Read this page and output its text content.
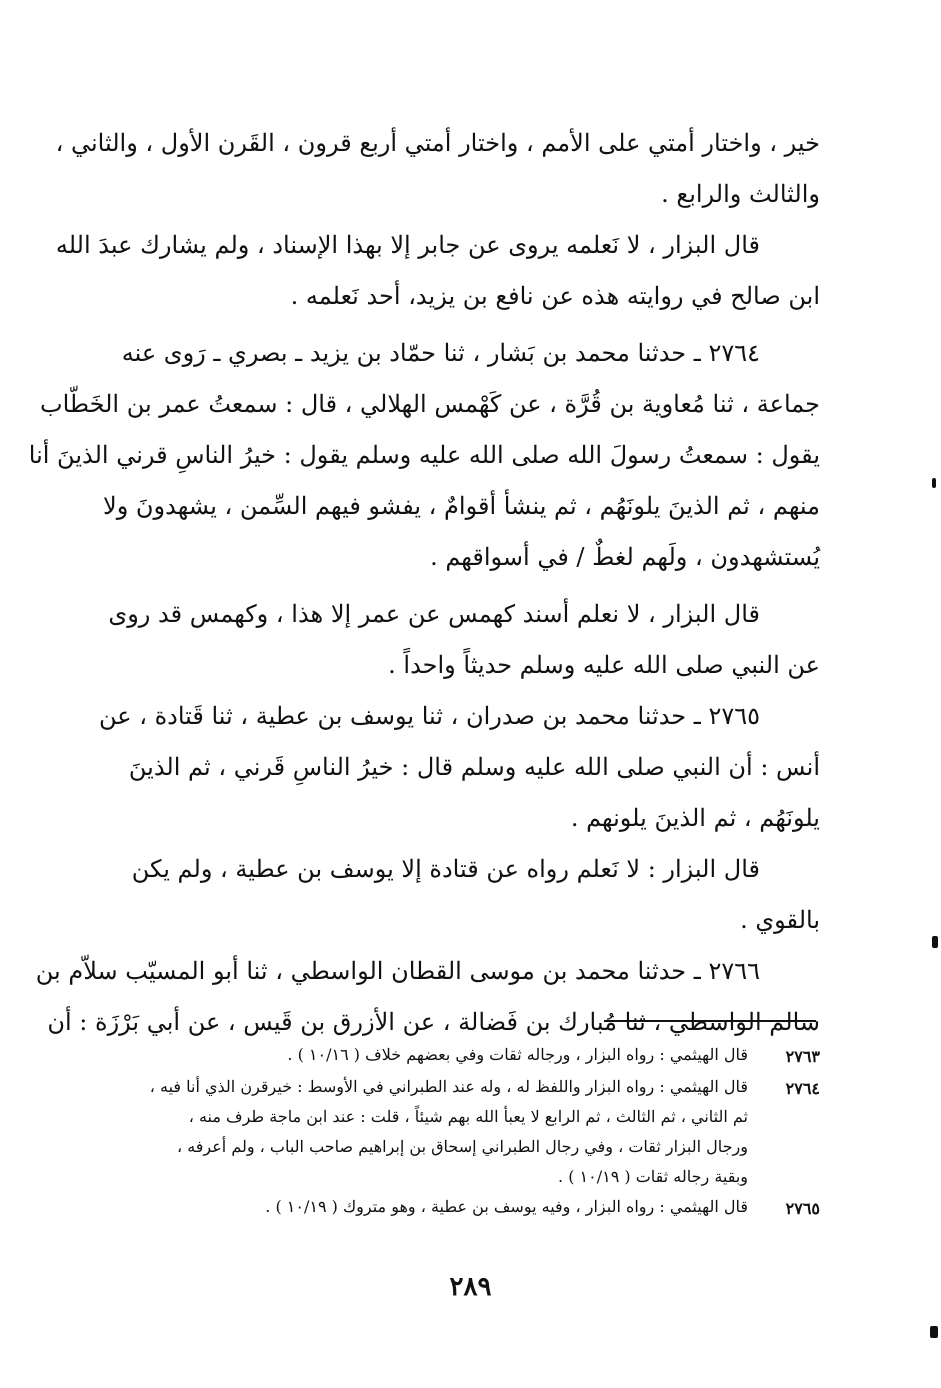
خير ، واختار أمتي على الأمم ، واختار أمتي أربع قرون ، القَرن الأول ، والثاني ،
والثالث والرابع .
قال البزار ، لا نَعلمه يروى عن جابر إلا بهذا الإسناد ، ولم يشارك عبدَ الله
ابن صالح في روايته هذه عن نافع بن يزيد، أحد نَعلمه .
٢٧٦٤ ـ حدثنا محمد بن بَشار ، ثنا حمّاد بن يزيد ـ بصري ـ رَوى عنه
جماعة ، ثنا مُعاوية بن قُرَّة ، عن كَهْمس الهلالي ، قال : سمعتُ عمر بن الخَطّاب
يقول : سمعتُ رسولَ الله صلى الله عليه وسلم يقول : خيرُ الناسِ قرني الذينَ أنا
منهم ، ثم الذينَ يلونَهُم ، ثم ينشأ أقوامٌ ، يفشو فيهم السِّمن ، يشهدونَ ولا
يُستشهدون ، ولَهم لغطٌ / في أسواقهم .
قال البزار ، لا نعلم أسند كهمس عن عمر إلا هذا ، وكهمس قد روى
عن النبي صلى الله عليه وسلم حديثاً واحداً .
٢٧٦٥ ـ حدثنا محمد بن صدران ، ثنا يوسف بن عطية ، ثنا قَتادة ، عن
أنس : أن النبي صلى الله عليه وسلم قال : خيرُ الناسِ قَرني ، ثم الذينَ
يلونَهُم ، ثم الذينَ يلونهم .
قال البزار : لا نَعلم رواه عن قتادة إلا يوسف بن عطية ، ولم يكن
بالقوي .
٢٧٦٦ ـ حدثنا محمد بن موسى القطان الواسطي ، ثنا أبو المسيّب سلاّم بن
سالم الواسطي ، ثنا مُبارك بن فَضالة ، عن الأزرق بن قَيس ، عن أبي بَرْزَة : أن
٢٧٦٣
قال الهيثمي : رواه البزار ، ورجاله ثقات وفي بعضهم خلاف ( ١٠/١٦ ) .
٢٧٦٤
قال الهيثمي : رواه البزار واللفظ له ، وله عند الطبراني في الأوسط : خيرقرن الذي أنا فيه ،
ثم الثاني ، ثم الثالث ، ثم الرابع لا يعبأ الله بهم شيئاً ، قلت : عند ابن ماجة طرف منه ،
ورجال البزار ثقات ، وفي رجال الطبراني إسحاق بن إبراهيم صاحب الباب ، ولم أعرفه ،
وبقية رجاله ثقات ( ١٠/١٩ ) .
٢٧٦٥
قال الهيثمي : رواه البزار ، وفيه يوسف بن عطية ، وهو متروك ( ١٠/١٩ ) .
٢٨٩
